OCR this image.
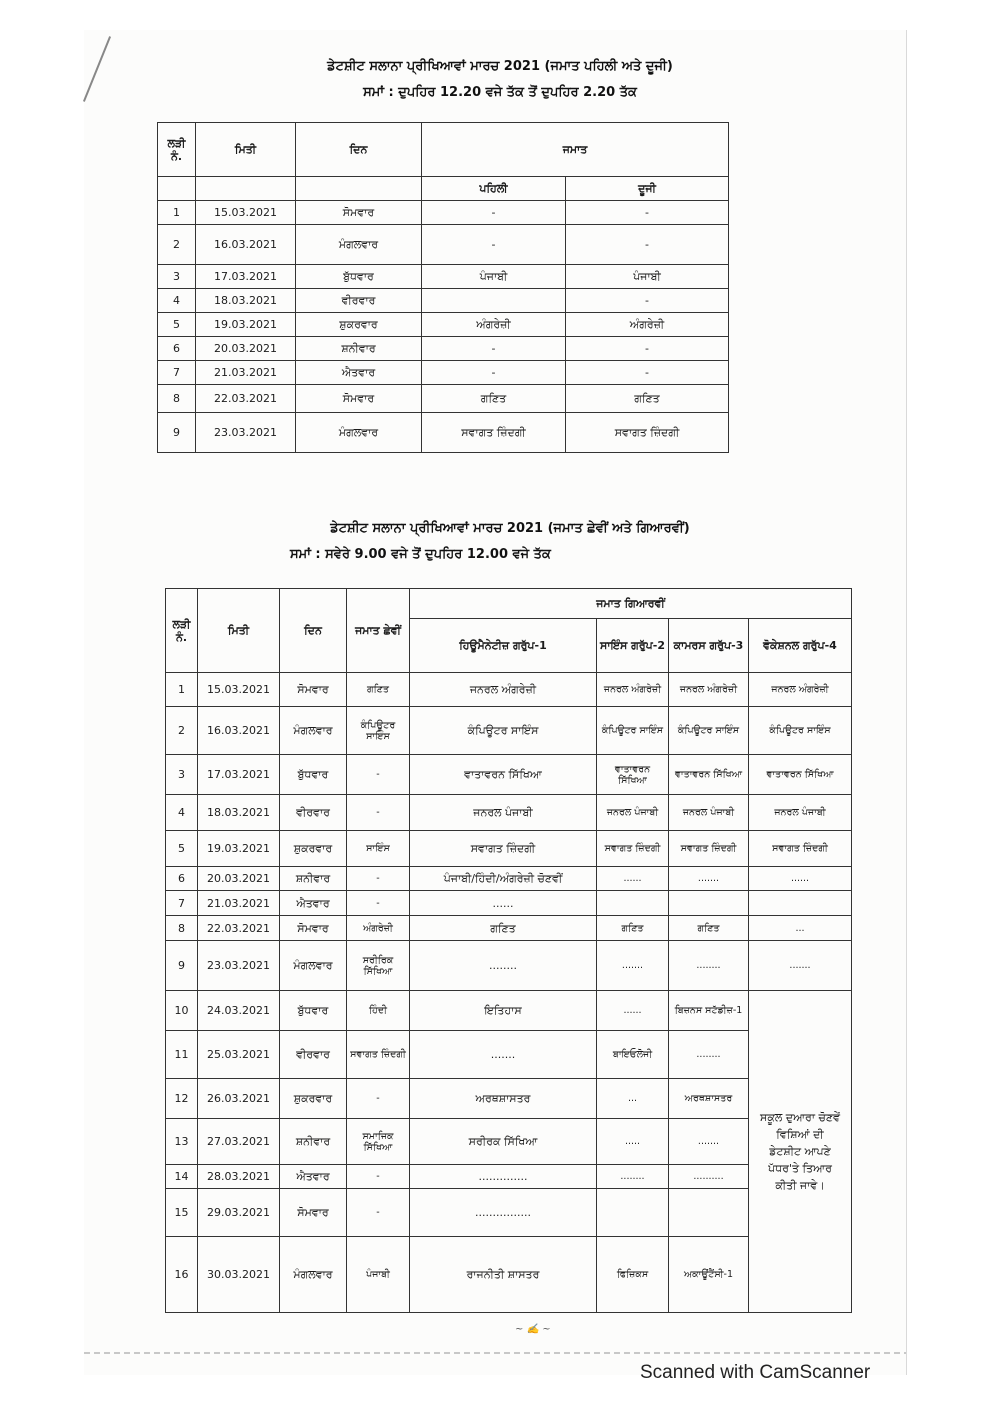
ਡੇਟਸ਼ੀਟ ਸਲਾਨਾ ਪ੍ਰੀਖਿਆਵਾਂ ਮਾਰਚ 2021 (ਜਮਾਤ ਪਹਿਲੀ ਅਤੇ ਦੂਜੀ)
ਸਮਾਂ : ਦੁਪਹਿਰ 12.20 ਵਜੇ ਤੱਕ ਤੋਂ ਦੁਪਹਿਰ 2.20 ਤੱਕ
ਲੜੀ ਨੰ.	ਮਿਤੀ	ਦਿਨ	ਜਮਾਤ	
			ਪਹਿਲੀ	ਦੂਜੀ
1	15.03.2021	ਸੋਮਵਾਰ	-	-
2	16.03.2021	ਮੰਗਲਵਾਰ	-	-
3	17.03.2021	ਬੁੱਧਵਾਰ	ਪੰਜਾਬੀ	ਪੰਜਾਬੀ
4	18.03.2021	ਵੀਰਵਾਰ		-
5	19.03.2021	ਸ਼ੁਕਰਵਾਰ	ਅੰਗਰੇਜ਼ੀ	ਅੰਗਰੇਜ਼ੀ
6	20.03.2021	ਸ਼ਨੀਵਾਰ	-	-
7	21.03.2021	ਐਤਵਾਰ	-	-
8	22.03.2021	ਸੋਮਵਾਰ	ਗਣਿਤ	ਗਣਿਤ
9	23.03.2021	ਮੰਗਲਵਾਰ	ਸਵਾਗਤ ਜ਼ਿੰਦਗੀ	ਸਵਾਗਤ ਜ਼ਿੰਦਗੀ
ਡੇਟਸ਼ੀਟ ਸਲਾਨਾ ਪ੍ਰੀਖਿਆਵਾਂ ਮਾਰਚ 2021 (ਜਮਾਤ ਛੇਵੀਂ ਅਤੇ ਗਿਆਰਵੀਂ)
ਸਮਾਂ : ਸਵੇਰੇ 9.00 ਵਜੇ ਤੋਂ ਦੁਪਹਿਰ 12.00 ਵਜੇ ਤੱਕ
ਲੜੀ ਨੰ.	ਮਿਤੀ	ਦਿਨ	ਜਮਾਤ ਛੇਵੀਂ	ਜਮਾਤ ਗਿਆਰਵੀਂ			
				ਹਿਊਮੈਨੇਟੀਜ਼ ਗਰੁੱਪ-1	ਸਾਇੰਸ ਗਰੁੱਪ-2	ਕਾਮਰਸ ਗਰੁੱਪ-3	ਵੋਕੇਸ਼ਨਲ ਗਰੁੱਪ-4
1	15.03.2021	ਸੋਮਵਾਰ	ਗਣਿਤ	ਜਨਰਲ ਅੰਗਰੇਜ਼ੀ	ਜਨਰਲ ਅੰਗਰੇਜ਼ੀ	ਜਨਰਲ ਅੰਗਰੇਜ਼ੀ	ਜਨਰਲ ਅੰਗਰੇਜ਼ੀ
2	16.03.2021	ਮੰਗਲਵਾਰ	ਕੰਪਿਊਟਰ ਸਾਇੰਸ	ਕੰਪਿਊਟਰ ਸਾਇੰਸ	ਕੰਪਿਊਟਰ ਸਾਇੰਸ	ਕੰਪਿਊਟਰ ਸਾਇੰਸ	ਕੰਪਿਊਟਰ ਸਾਇੰਸ
3	17.03.2021	ਬੁੱਧਵਾਰ	-	ਵਾਤਾਵਰਨ ਸਿੱਖਿਆ	ਵਾਤਾਵਰਨ ਸਿੱਖਿਆ	ਵਾਤਾਵਰਨ ਸਿੱਖਿਆ	ਵਾਤਾਵਰਨ ਸਿੱਖਿਆ
4	18.03.2021	ਵੀਰਵਾਰ	-	ਜਨਰਲ ਪੰਜਾਬੀ	ਜਨਰਲ ਪੰਜਾਬੀ	ਜਨਰਲ ਪੰਜਾਬੀ	ਜਨਰਲ ਪੰਜਾਬੀ
5	19.03.2021	ਸ਼ੁਕਰਵਾਰ	ਸਾਇੰਸ	ਸਵਾਗਤ ਜ਼ਿੰਦਗੀ	ਸਵਾਗਤ ਜ਼ਿੰਦਗੀ	ਸਵਾਗਤ ਜ਼ਿੰਦਗੀ	ਸਵਾਗਤ ਜ਼ਿੰਦਗੀ
6	20.03.2021	ਸ਼ਨੀਵਾਰ	-	ਪੰਜਾਬੀ/ਹਿੰਦੀ/ਅੰਗਰੇਜ਼ੀ ਚੋਣਵੀਂ	......	.......	......
7	21.03.2021	ਐਤਵਾਰ	-	......			
8	22.03.2021	ਸੋਮਵਾਰ	ਅੰਗਰੇਜ਼ੀ	ਗਣਿਤ	ਗਣਿਤ	ਗਣਿਤ	...
9	23.03.2021	ਮੰਗਲਵਾਰ	ਸਰੀਰਿਕ ਸਿੱਖਿਆ	........	.......	........	.......
10	24.03.2021	ਬੁੱਧਵਾਰ	ਹਿੰਦੀ	ਇਤਿਹਾਸ	......	ਬਿਜ਼ਨਸ ਸਟੱਡੀਜ਼-1	ਸਕੂਲ ਦੁਆਰਾ ਚੋਣਵੇਂ ਵਿਸ਼ਿਆਂ ਦੀ ਡੇਟਸ਼ੀਟ ਆਪਣੇ ਪੱਧਰ'ਤੇ ਤਿਆਰ ਕੀਤੀ ਜਾਵੇ।
11	25.03.2021	ਵੀਰਵਾਰ	ਸਵਾਗਤ ਜ਼ਿੰਦਗੀ	.......	ਬਾਇਓਲੋਜੀ	........	
12	26.03.2021	ਸ਼ੁਕਰਵਾਰ	-	ਅਰਥਸ਼ਾਸਤਰ	...	ਅਰਥਸ਼ਾਸਤਰ	
13	27.03.2021	ਸ਼ਨੀਵਾਰ	ਸਮਾਜਿਕ ਸਿੱਖਿਆ	ਸਰੀਰਕ ਸਿੱਖਿਆ	.....	.......	
14	28.03.2021	ਐਤਵਾਰ	-	..............	........	..........	
15	29.03.2021	ਸੋਮਵਾਰ	-	................			
16	30.03.2021	ਮੰਗਲਵਾਰ	ਪੰਜਾਬੀ	ਰਾਜਨੀਤੀ ਸ਼ਾਸਤਰ	ਫਿਜ਼ਿਕਸ	ਅਕਾਊਂਟੈਂਸੀ-1	
~ ✍ ~
Scanned with CamScanner
